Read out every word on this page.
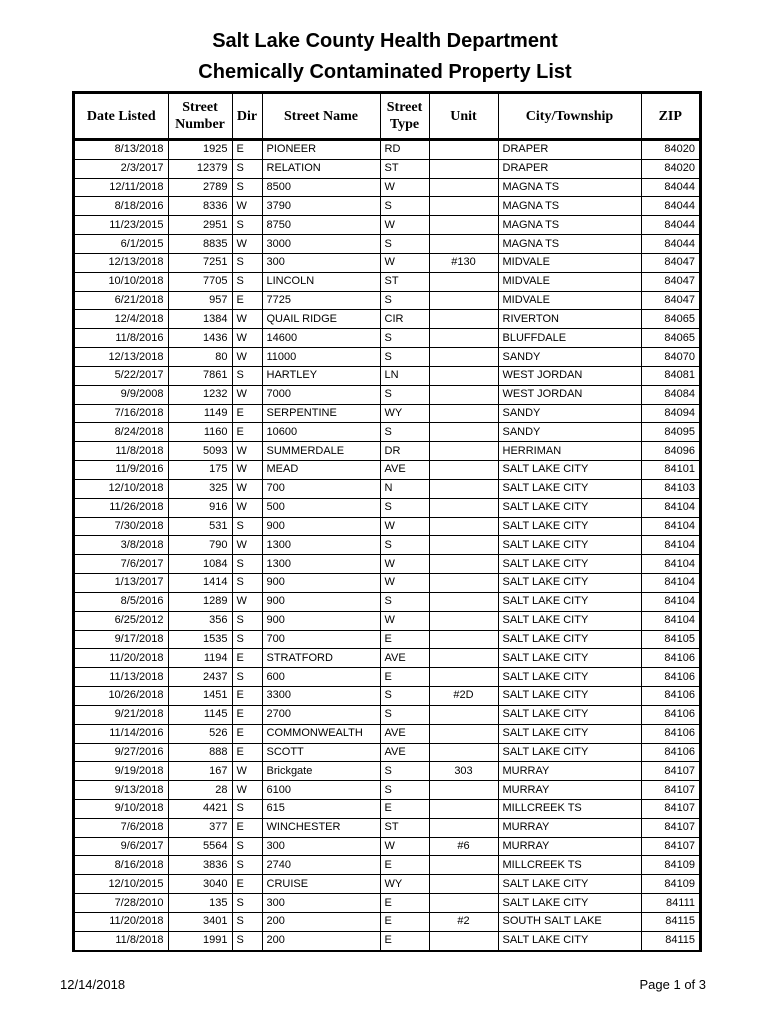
Salt Lake County Health Department
Chemically Contaminated Property List
Date Listed	Street Number	Dir	Street Name	Street Type	Unit	City/Township	ZIP
8/13/2018	1925	E	PIONEER	RD		DRAPER	84020
2/3/2017	12379	S	RELATION	ST		DRAPER	84020
12/11/2018	2789	S	8500	W		MAGNA TS	84044
8/18/2016	8336	W	3790	S		MAGNA TS	84044
11/23/2015	2951	S	8750	W		MAGNA TS	84044
6/1/2015	8835	W	3000	S		MAGNA TS	84044
12/13/2018	7251	S	300	W	#130	MIDVALE	84047
10/10/2018	7705	S	LINCOLN	ST		MIDVALE	84047
6/21/2018	957	E	7725	S		MIDVALE	84047
12/4/2018	1384	W	QUAIL RIDGE	CIR		RIVERTON	84065
11/8/2016	1436	W	14600	S		BLUFFDALE	84065
12/13/2018	80	W	11000	S		SANDY	84070
5/22/2017	7861	S	HARTLEY	LN		WEST JORDAN	84081
9/9/2008	1232	W	7000	S		WEST JORDAN	84084
7/16/2018	1149	E	SERPENTINE	WY		SANDY	84094
8/24/2018	1160	E	10600	S		SANDY	84095
11/8/2018	5093	W	SUMMERDALE	DR		HERRIMAN	84096
11/9/2016	175	W	MEAD	AVE		SALT LAKE CITY	84101
12/10/2018	325	W	700	N		SALT LAKE CITY	84103
11/26/2018	916	W	500	S		SALT LAKE CITY	84104
7/30/2018	531	S	900	W		SALT LAKE CITY	84104
3/8/2018	790	W	1300	S		SALT LAKE CITY	84104
7/6/2017	1084	S	1300	W		SALT LAKE CITY	84104
1/13/2017	1414	S	900	W		SALT LAKE CITY	84104
8/5/2016	1289	W	900	S		SALT LAKE CITY	84104
6/25/2012	356	S	900	W		SALT LAKE CITY	84104
9/17/2018	1535	S	700	E		SALT LAKE CITY	84105
11/20/2018	1194	E	STRATFORD	AVE		SALT LAKE CITY	84106
11/13/2018	2437	S	600	E		SALT LAKE CITY	84106
10/26/2018	1451	E	3300	S	#2D	SALT LAKE CITY	84106
9/21/2018	1145	E	2700	S		SALT LAKE CITY	84106
11/14/2016	526	E	COMMONWEALTH	AVE		SALT LAKE CITY	84106
9/27/2016	888	E	SCOTT	AVE		SALT LAKE CITY	84106
9/19/2018	167	W	Brickgate	S	303	MURRAY	84107
9/13/2018	28	W	6100	S		MURRAY	84107
9/10/2018	4421	S	615	E		MILLCREEK TS	84107
7/6/2018	377	E	WINCHESTER	ST		MURRAY	84107
9/6/2017	5564	S	300	W	#6	MURRAY	84107
8/16/2018	3836	S	2740	E		MILLCREEK TS	84109
12/10/2015	3040	E	CRUISE	WY		SALT LAKE CITY	84109
7/28/2010	135	S	300	E		SALT LAKE CITY	84111
11/20/2018	3401	S	200	E	#2	SOUTH SALT LAKE	84115
11/8/2018	1991	S	200	E		SALT LAKE CITY	84115
12/14/2018	Page 1 of 3
